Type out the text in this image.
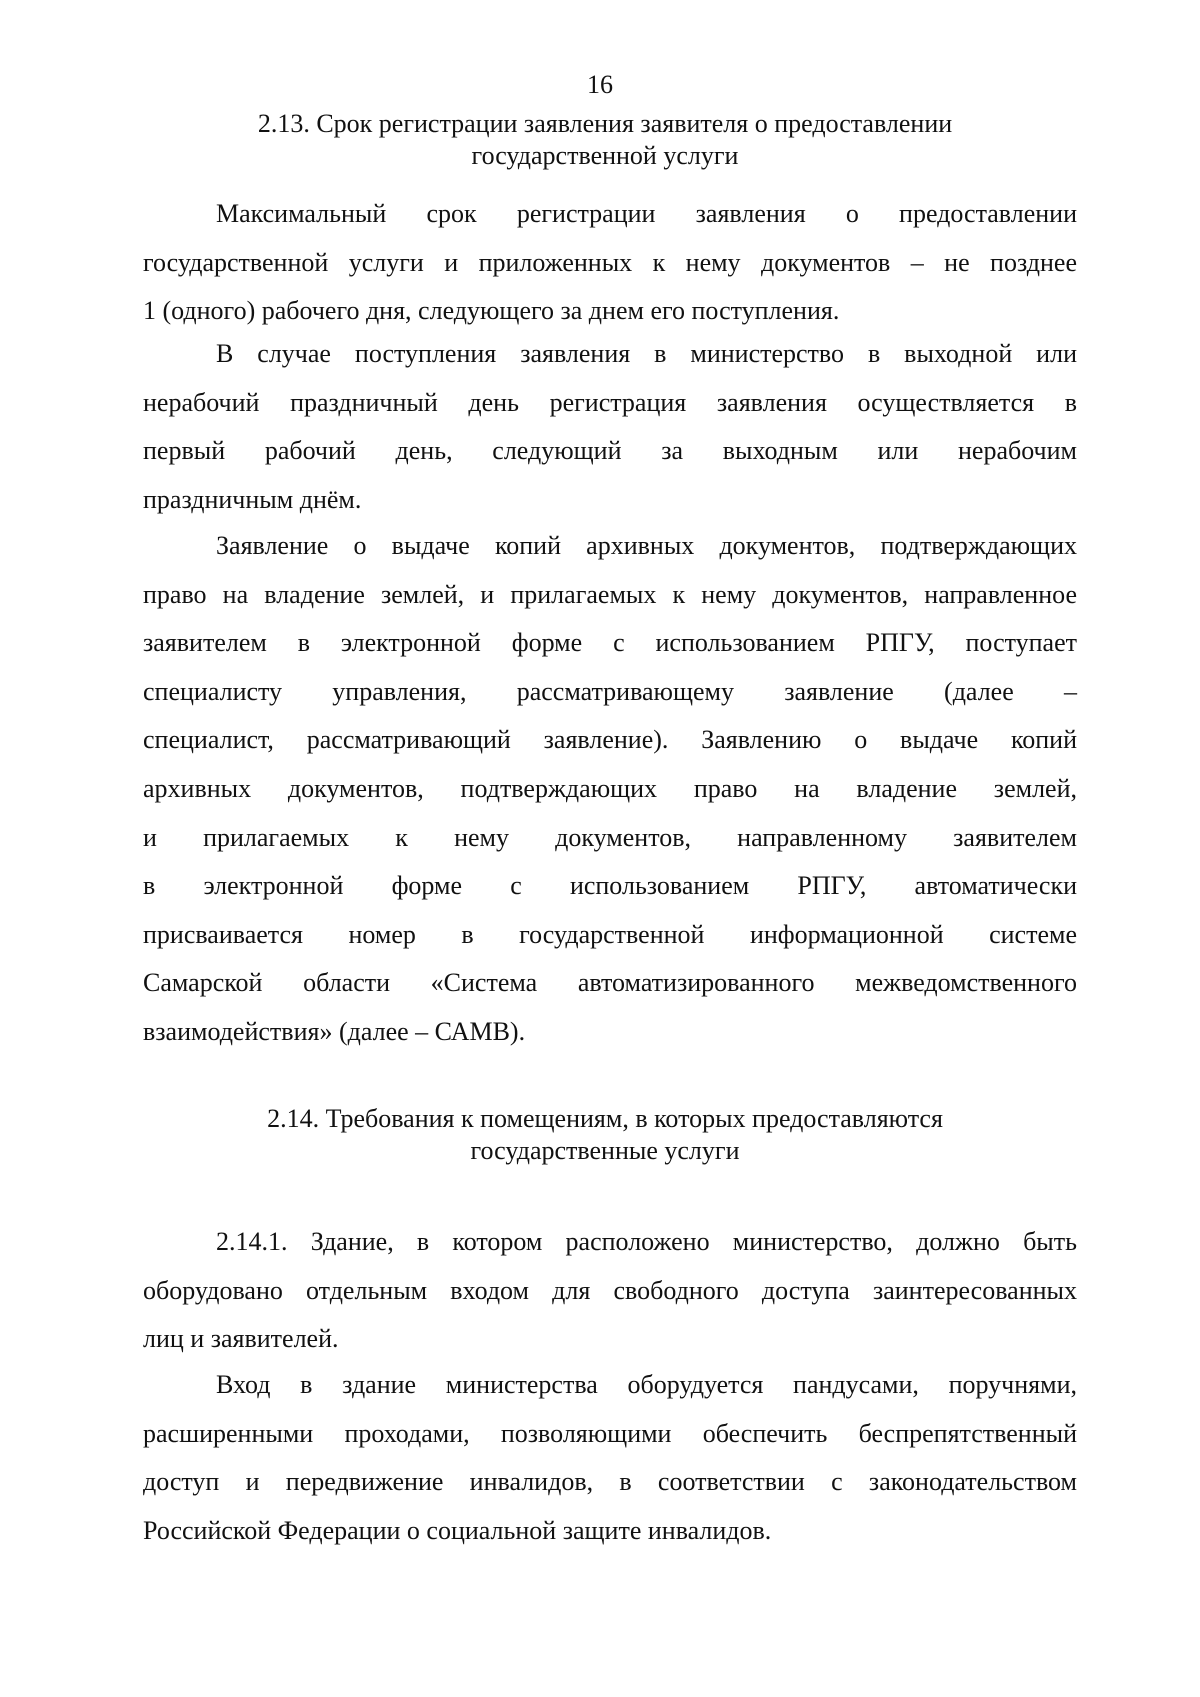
16
2.13. Срок регистрации заявления заявителя о предоставлении
государственной услуги

Максимальный срок регистрации заявления о предоставлении
государственной услуги и приложенных к нему документов – не позднее
1 (одного) рабочего дня, следующего за днем его поступления.

В случае поступления заявления в министерство в выходной или
нерабочий праздничный день регистрация заявления осуществляется в
первый рабочий день, следующий за выходным или нерабочим
праздничным днём.

Заявление о выдаче копий архивных документов, подтверждающих
право на владение землей, и прилагаемых к нему документов, направленное
заявителем в электронной форме с использованием РПГУ, поступает
специалисту управления, рассматривающему заявление (далее –
специалист, рассматривающий заявление). Заявлению о выдаче копий
архивных документов, подтверждающих право на владение землей,
и прилагаемых к нему документов, направленному заявителем
в электронной форме с использованием РПГУ, автоматически
присваивается номер в государственной информационной системе
Самарской области «Система автоматизированного межведомственного
взаимодействия» (далее – САМВ).

2.14. Требования к помещениям, в которых предоставляются
государственные услуги

2.14.1. Здание, в котором расположено министерство, должно быть
оборудовано отдельным входом для свободного доступа заинтересованных
лиц и заявителей.

Вход в здание министерства оборудуется пандусами, поручнями,
расширенными проходами, позволяющими обеспечить беспрепятственный
доступ и передвижение инвалидов, в соответствии с законодательством
Российской Федерации о социальной защите инвалидов.
